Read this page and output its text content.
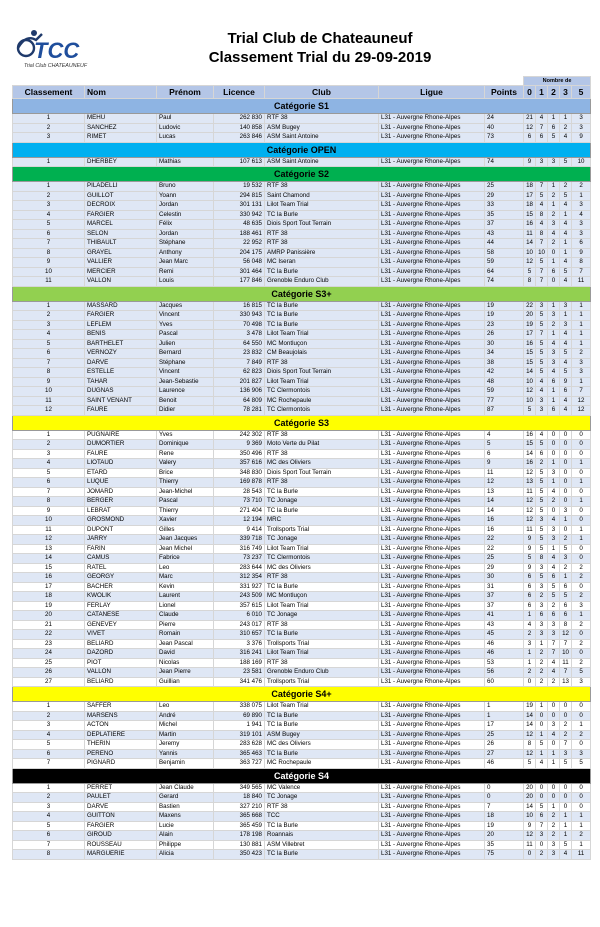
TCC
Trial Club CHATEAUNEUF
Trial Club de Chateauneuf
Classement Trial du 29-09-2019
							Nombre de				
Classement	Nom	Prénom	Licence	Club	Ligue	Points	0	1	2	3	5
Catégorie S1											
1	MEHU	Paul	262 830	RTF 38	L31 - Auvergne Rhone-Alpes	24	21	4	1	1	3
2	SANCHEZ	Ludovic	140 858	ASM Bugey	L31 - Auvergne Rhone-Alpes	40	12	7	6	2	3
3	RIMET	Lucas	263 846	ASM Saint Antoine	L31 - Auvergne Rhone-Alpes	73	6	6	5	4	9
Catégorie OPEN											
1	DHERBEY	Mathias	107 613	ASM Saint Antoine	L31 - Auvergne Rhone-Alpes	74	9	3	3	5	10
Catégorie S2											
1	PILADELLI	Bruno	19 532	RTF 38	L31 - Auvergne Rhone-Alpes	25	18	7	1	2	2
2	GUILLOT	Yoann	294 815	Saint Chamond	L31 - Auvergne Rhone-Alpes	29	17	5	2	5	1
3	DECROIX	Jordan	301 131	Lilot Team Trial	L31 - Auvergne Rhone-Alpes	33	18	4	1	4	3
4	FARGIER	Celestin	330 942	TC la Burle	L31 - Auvergne Rhone-Alpes	35	15	8	2	1	4
5	MARCEL	Félix	48 635	Diois Sport Tout Terrain	L31 - Auvergne Rhone-Alpes	37	16	4	3	4	3
6	SELON	Jordan	188 461	RTF 38	L31 - Auvergne Rhone-Alpes	43	11	8	4	4	3
7	THIBAULT	Stéphane	22 952	RTF 38	L31 - Auvergne Rhone-Alpes	44	14	7	2	1	6
8	GRAYEL	Anthony	204 175	AMRP Panissière	L31 - Auvergne Rhone-Alpes	58	10	10	0	1	9
9	VALLIER	Jean Marc	56 048	MC Iseran	L31 - Auvergne Rhone-Alpes	59	12	5	1	4	8
10	MERCIER	Remi	301 464	TC la Burle	L31 - Auvergne Rhone-Alpes	64	5	7	6	5	7
11	VALLON	Louis	177 846	Grenoble Enduro Club	L31 - Auvergne Rhone-Alpes	74	8	7	0	4	11
Catégorie S3+											
1	MASSARD	Jacques	16 815	TC la Burle	L31 - Auvergne Rhone-Alpes	19	22	3	1	3	1
2	FARGIER	Vincent	330 943	TC la Burle	L31 - Auvergne Rhone-Alpes	19	20	5	3	1	1
3	LEFLEM	Yves	70 498	TC la Burle	L31 - Auvergne Rhone-Alpes	23	19	5	2	3	1
4	BENIS	Pascal	3 478	Lilot Team Trial	L31 - Auvergne Rhone-Alpes	26	17	7	1	4	1
5	BARTHELET	Julien	64 550	MC Montluçon	L31 - Auvergne Rhone-Alpes	30	16	5	4	4	1
6	VERNOZY	Bernard	23 832	CM Beaujolais	L31 - Auvergne Rhone-Alpes	34	15	5	3	5	2
7	DARVE	Stéphane	7 849	RTF 38	L31 - Auvergne Rhone-Alpes	38	15	5	3	4	3
8	ESTELLE	Vincent	62 823	Diois Sport Tout Terrain	L31 - Auvergne Rhone-Alpes	42	14	5	4	5	3
9	TAHAR	Jean-Sebastie	201 827	Lilot Team Trial	L31 - Auvergne Rhone-Alpes	48	10	4	6	9	1
10	DUGNAS	Laurence	136 906	TC Clermontois	L31 - Auvergne Rhone-Alpes	59	12	4	1	6	7
11	SAINT VENANT	Benoit	64 809	MC Rochepaule	L31 - Auvergne Rhone-Alpes	77	10	3	1	4	12
12	FAURE	Didier	78 281	TC Clermontois	L31 - Auvergne Rhone-Alpes	87	5	3	6	4	12
Catégorie S3											
1	PUGNAIRE	Yves	242 302	RTF 38	L31 - Auvergne Rhone-Alpes	4	16	4	0	0	0
2	DUMORTIER	Dominique	9 369	Moto Verte du Pilat	L31 - Auvergne Rhone-Alpes	5	15	5	0	0	0
3	FAURE	Rene	350 496	RTF 38	L31 - Auvergne Rhone-Alpes	6	14	6	0	0	0
4	LIOTAUD	Valery	357 616	MC des Oliviers	L31 - Auvergne Rhone-Alpes	9	16	2	1	0	1
5	ETARD	Brice	348 830	Diois Sport Tout Terrain	L31 - Auvergne Rhone-Alpes	11	12	5	3	0	0
6	LUQUE	Thierry	169 878	RTF 38	L31 - Auvergne Rhone-Alpes	12	13	5	1	0	1
7	JOMARD	Jean-Michel	28 543	TC la Burle	L31 - Auvergne Rhone-Alpes	13	11	5	4	0	0
8	BERGER	Pascal	73 710	TC Jonage	L31 - Auvergne Rhone-Alpes	14	12	5	2	0	1
9	LEBRAT	Thierry	271 404	TC la Burle	L31 - Auvergne Rhone-Alpes	14	12	5	0	3	0
10	GROSMOND	Xavier	12 194	MRC	L31 - Auvergne Rhone-Alpes	16	12	3	4	1	0
11	DUPONT	Gilles	9 414	Trollsports Trial	L31 - Auvergne Rhone-Alpes	16	11	5	3	0	1
12	JARRY	Jean Jacques	339 718	TC Jonage	L31 - Auvergne Rhone-Alpes	22	9	5	3	2	1
13	FARIN	Jean Michel	316 749	Lilot Team Trial	L31 - Auvergne Rhone-Alpes	22	9	5	1	5	0
14	CAMUS	Fabrice	73 237	TC Clermontois	L31 - Auvergne Rhone-Alpes	25	5	8	4	3	0
15	RATEL	Leo	283 644	MC des Oliviers	L31 - Auvergne Rhone-Alpes	29	9	3	4	2	2
16	GEORGY	Marc	312 354	RTF 38	L31 - Auvergne Rhone-Alpes	30	6	5	6	1	2
17	BACHER	Kevin	331 927	TC la Burle	L31 - Auvergne Rhone-Alpes	31	6	3	5	6	0
18	KWOLIK	Laurent	243 509	MC Montluçon	L31 - Auvergne Rhone-Alpes	37	6	2	5	5	2
19	FERLAY	Lionel	357 615	Lilot Team Trial	L31 - Auvergne Rhone-Alpes	37	6	3	2	6	3
20	CATANESE	Claude	6 010	TC Jonage	L31 - Auvergne Rhone-Alpes	41	1	6	6	6	1
21	GENEVEY	Pierre	243 017	RTF 38	L31 - Auvergne Rhone-Alpes	43	4	3	3	8	2
22	VIVET	Romain	310 657	TC la Burle	L31 - Auvergne Rhone-Alpes	45	2	3	3	12	0
23	BELIARD	Jean Pascal	3 376	Trollsports Trial	L31 - Auvergne Rhone-Alpes	46	3	1	7	7	2
24	DAZORD	David	316 241	Lilot Team Trial	L31 - Auvergne Rhone-Alpes	46	1	2	7	10	0
25	PIOT	Nicolas	188 169	RTF 38	L31 - Auvergne Rhone-Alpes	53	1	2	4	11	2
26	VALLON	Jean Pierre	23 581	Grenoble Enduro Club	L31 - Auvergne Rhone-Alpes	56	2	2	4	7	5
27	BELIARD	Guillian	341 476	Trollsports Trial	L31 - Auvergne Rhone-Alpes	60	0	2	2	13	3
Catégorie S4+											
1	SAFFER	Leo	338 075	Lilot Team Trial	L31 - Auvergne Rhone-Alpes	1	19	1	0	0	0
2	MARSENS	André	69 890	TC la Burle	L31 - Auvergne Rhone-Alpes	1	14	0	0	0	0
3	ACTON	Michel	1 941	TC la Burle	L31 - Auvergne Rhone-Alpes	17	14	0	3	2	1
4	DEPLATIERE	Martin	319 101	ASM Bugey	L31 - Auvergne Rhone-Alpes	25	12	1	4	2	2
5	THERIN	Jeremy	283 628	MC des Oliviers	L31 - Auvergne Rhone-Alpes	26	8	5	0	7	0
6	PERENO	Yannis	365 463	TC la Burle	L31 - Auvergne Rhone-Alpes	27	12	1	1	3	3
7	PIGNARD	Benjamin	363 727	MC Rochepaule	L31 - Auvergne Rhone-Alpes	46	5	4	1	5	5
Catégorie S4											
1	PERRET	Jean Claude	349 565	MC Valence	L31 - Auvergne Rhone-Alpes	0	20	0	0	0	0
2	PAULET	Gerard	18 840	TC Jonage	L31 - Auvergne Rhone-Alpes	0	20	0	0	0	0
3	DARVE	Bastien	327 210	RTF 38	L31 - Auvergne Rhone-Alpes	7	14	5	1	0	0
4	GUITTON	Maxens	365 668	TCC	L31 - Auvergne Rhone-Alpes	18	10	6	2	1	1
5	FARGIER	Lucie	365 459	TC la Burle	L31 - Auvergne Rhone-Alpes	19	9	7	2	1	1
6	GIROUD	Alain	178 198	Roannais	L31 - Auvergne Rhone-Alpes	20	12	3	2	1	2
7	ROUSSEAU	Philippe	130 881	ASM Villebret	L31 - Auvergne Rhone-Alpes	35	11	0	3	5	1
8	MARGUERIE	Alicia	350 423	TC la Burle	L31 - Auvergne Rhone-Alpes	75	0	2	3	4	11
